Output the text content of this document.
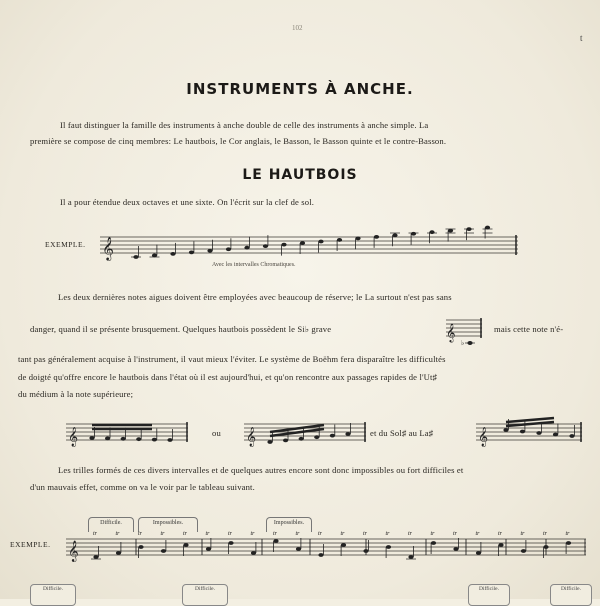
102
t
INSTRUMENTS À ANCHE.
Il faut distinguer la famille des instruments à anche double de celle des instruments à anche simple. La
première se compose de cinq membres: Le hautbois, le Cor anglais, le Basson, le Basson quinte et le contre-Basson.
LE HAUTBOIS
Il a pour étendue deux octaves et une sixte. On l'écrit sur la clef de sol.
EXEMPLE. 𝄞
Avec les intervalles Chromatiques.
Les deux dernières notes aigues doivent être employées avec beaucoup de réserve; le La surtout n'est pas sans
danger, quand il se présente brusquement. Quelques hautbois possèdent le Si♭ grave	𝄞
♭
mais cette note n'é-
tant pas généralement acquise à l'instrument, il vaut mieux l'éviter. Le système de Boëhm fera disparaître les difficultés
de doigté qu'offre encore le hautbois dans l'état où il est aujourd'hui, et qu'on rencontre aux passages rapides de l'Ut♯
du médium à la note supérieure;
𝄞	ou 𝄞	et du Sol♯ au La♯	𝄞
Les trilles formés de ces divers intervalles et de quelques autres encore sont donc impossibles ou fort difficiles et
d'un mauvais effet, comme on va le voir par le tableau suivant.
Difficile.	Impossibles.	Impossibles.
EXEMPLE. 𝄞
tr	tr	tr	tr	tr	tr	tr	tr	tr	tr	tr	tr	tr	tr	tr	tr	tr	tr	tr	tr	tr	tr
Difficile.	Difficile.	Difficile.	Difficile.
